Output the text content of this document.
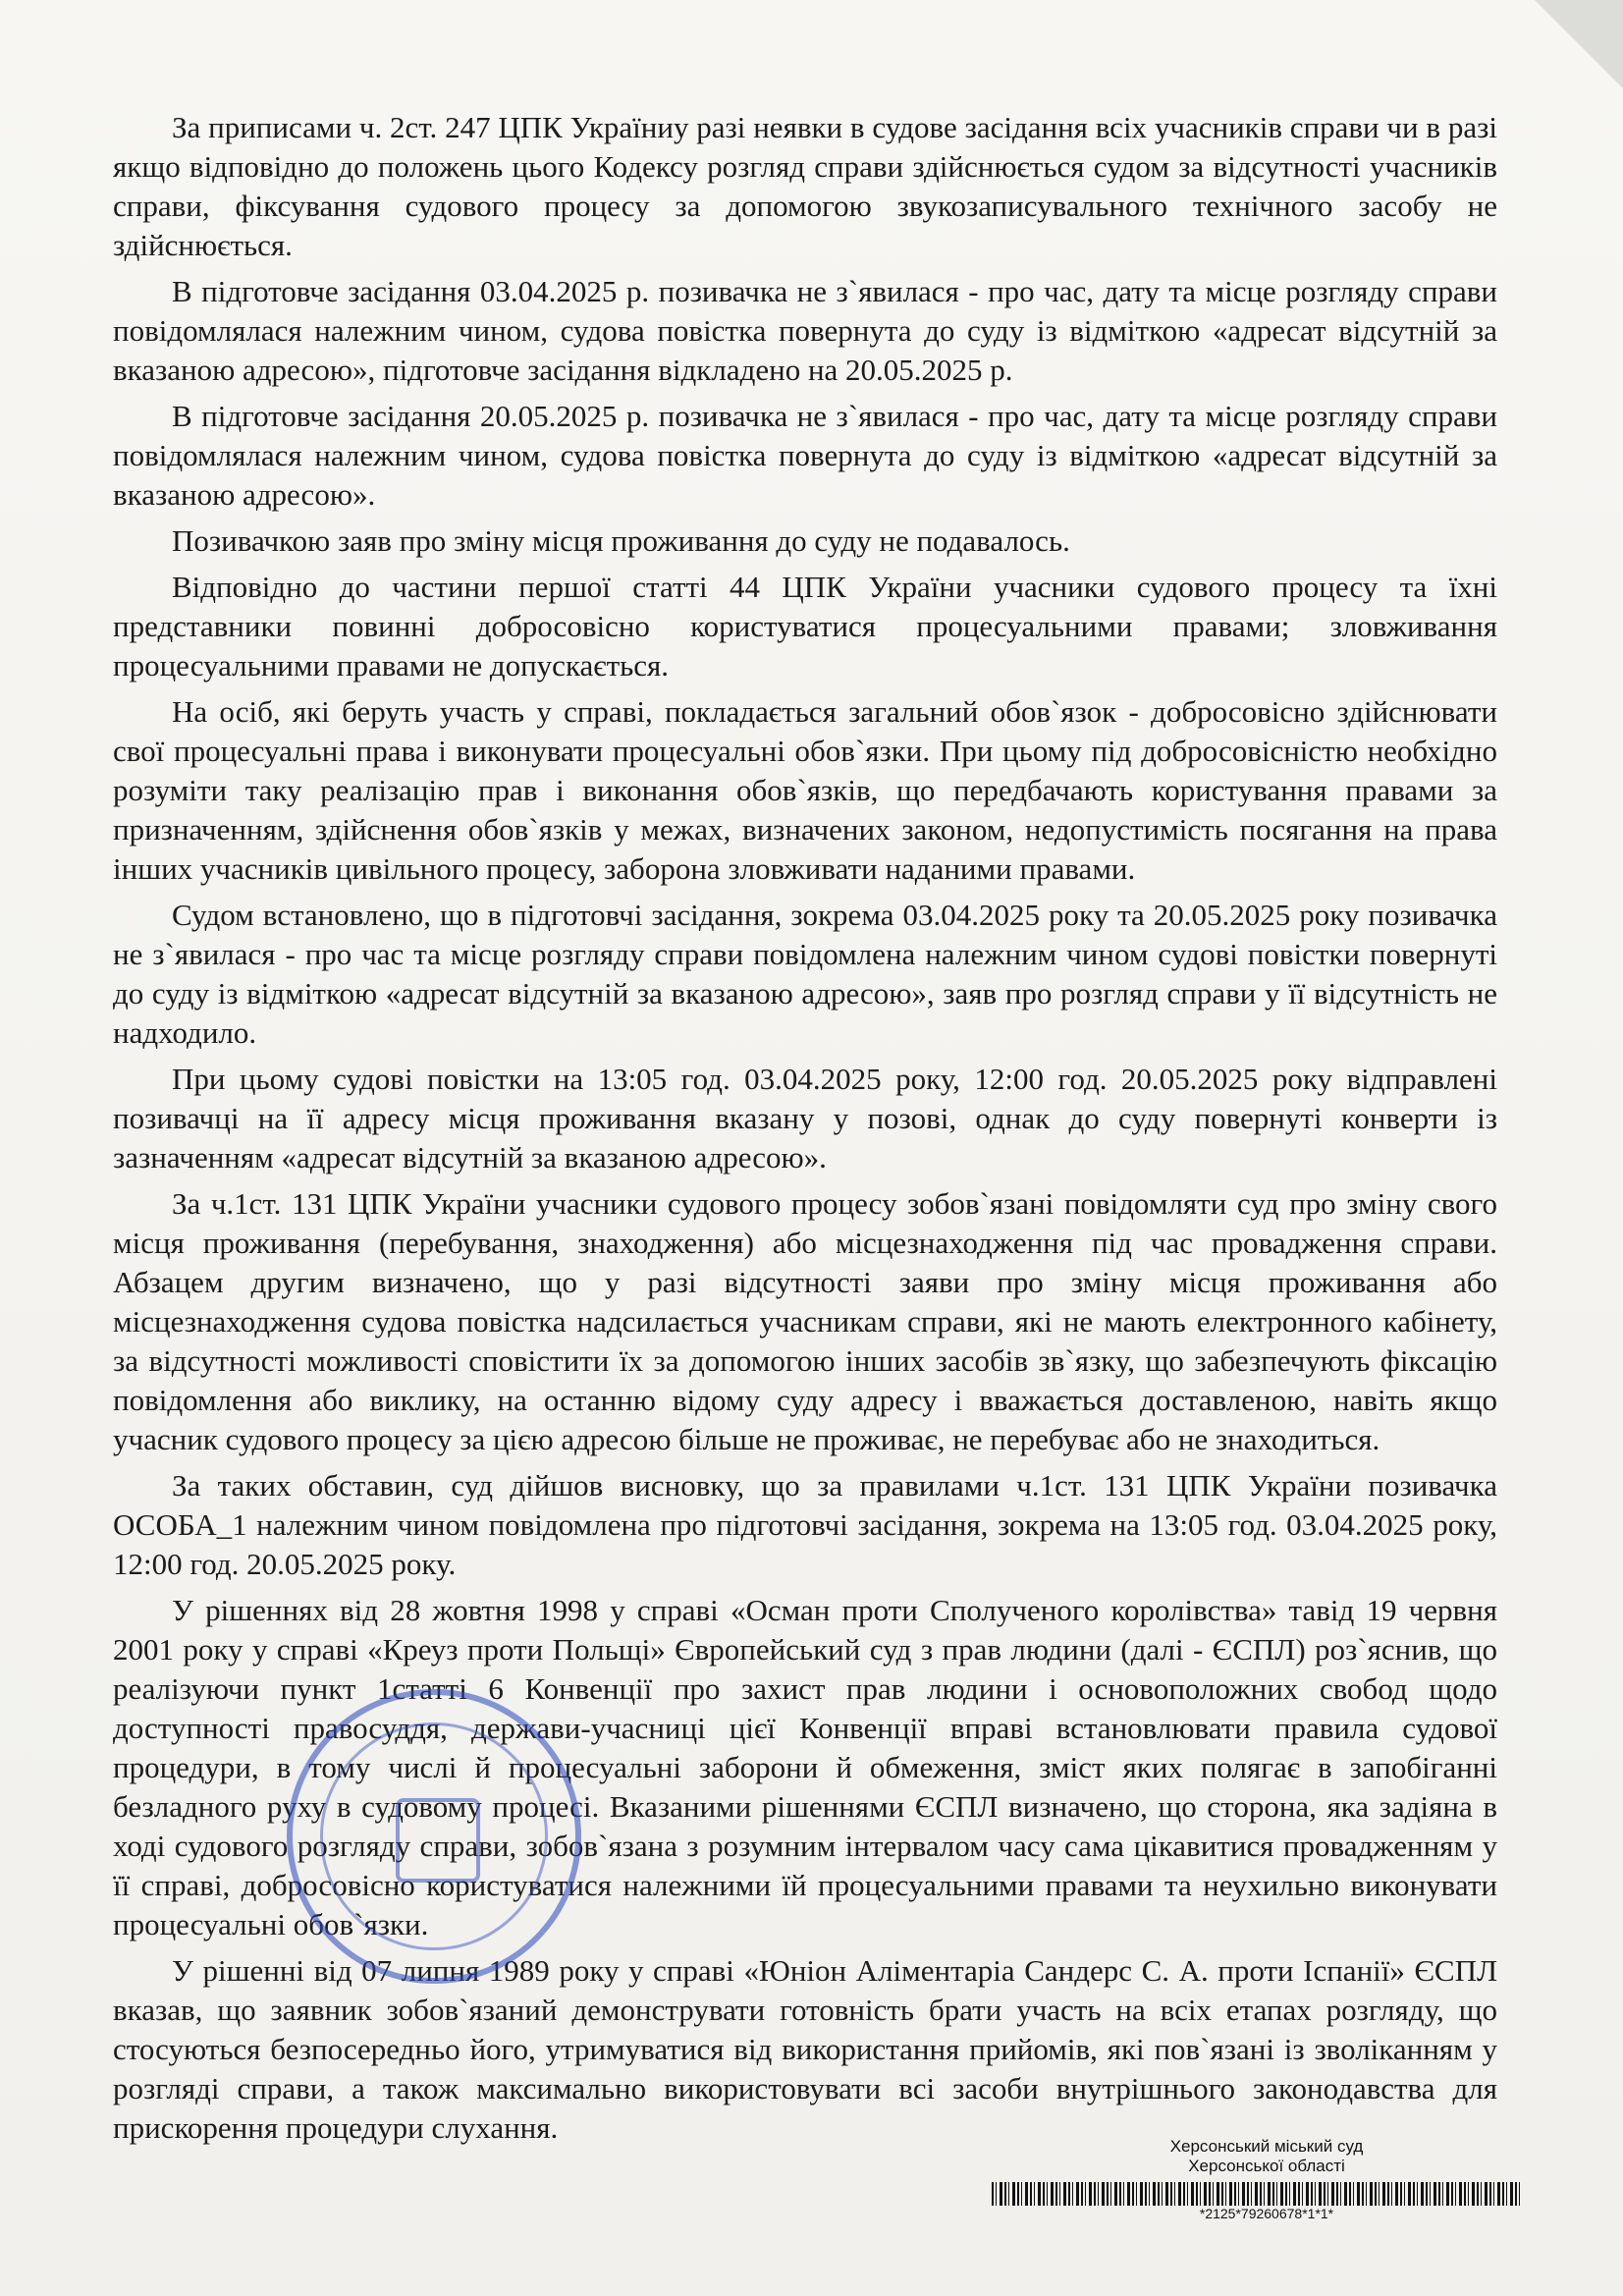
За приписами ч. 2ст. 247 ЦПК Україниу разі неявки в судове засідання всіх учасників справи чи в разі якщо відповідно до положень цього Кодексу розгляд справи здійснюється судом за відсутності учасників справи, фіксування судового процесу за допомогою звукозаписувального технічного засобу не здійснюється.

В підготовче засідання 03.04.2025 р. позивачка не з`явилася - про час, дату та місце розгляду справи повідомлялася належним чином, судова повістка повернута до суду із відміткою «адресат відсутній за вказаною адресою», підготовче засідання відкладено на 20.05.2025 р.

В підготовче засідання 20.05.2025 р. позивачка не з`явилася - про час, дату та місце розгляду справи повідомлялася належним чином, судова повістка повернута до суду із відміткою «адресат відсутній за вказаною адресою».

Позивачкою заяв про зміну місця проживання до суду не подавалось.

Відповідно до частини першої статті 44 ЦПК України учасники судового процесу та їхні представники повинні добросовісно користуватися процесуальними правами; зловживання процесуальними правами не допускається.

На осіб, які беруть участь у справі, покладається загальний обов`язок - добросовісно здійснювати свої процесуальні права і виконувати процесуальні обов`язки. При цьому під добросовісністю необхідно розуміти таку реалізацію прав і виконання обов`язків, що передбачають користування правами за призначенням, здійснення обов`язків у межах, визначених законом, недопустимість посягання на права інших учасників цивільного процесу, заборона зловживати наданими правами.

Судом встановлено, що в підготовчі засідання, зокрема 03.04.2025 року та 20.05.2025 року позивачка не з`явилася - про час та місце розгляду справи повідомлена належним чином судові повістки повернуті до суду із відміткою «адресат відсутній за вказаною адресою», заяв про розгляд справи у її відсутність не надходило.

При цьому судові повістки на 13:05 год. 03.04.2025 року, 12:00 год. 20.05.2025 року відправлені позивачці на її адресу місця проживання вказану у позові, однак до суду повернуті конверти із зазначенням «адресат відсутній за вказаною адресою».

За ч.1ст. 131 ЦПК України учасники судового процесу зобов`язані повідомляти суд про зміну свого місця проживання (перебування, знаходження) або місцезнаходження під час провадження справи. Абзацем другим визначено, що у разі відсутності заяви про зміну місця проживання або місцезнаходження судова повістка надсилається учасникам справи, які не мають електронного кабінету, за відсутності можливості сповістити їх за допомогою інших засобів зв`язку, що забезпечують фіксацію повідомлення або виклику, на останню відому суду адресу і вважається доставленою, навіть якщо учасник судового процесу за цією адресою більше не проживає, не перебуває або не знаходиться.

За таких обставин, суд дійшов висновку, що за правилами ч.1ст. 131 ЦПК України позивачка ОСОБА_1 належним чином повідомлена про підготовчі засідання, зокрема на 13:05 год. 03.04.2025 року, 12:00 год. 20.05.2025 року.

У рішеннях від 28 жовтня 1998 у справі «Осман проти Сполученого королівства» тавід 19 червня 2001 року у справі «Креуз проти Польщі» Європейський суд з прав людини (далі - ЄСПЛ) роз`яснив, що реалізуючи пункт 1статті 6 Конвенції про захист прав людини і основоположних свобод щодо доступності правосуддя, держави-учасниці цієї Конвенції вправі встановлювати правила судової процедури, в тому числі й процесуальні заборони й обмеження, зміст яких полягає в запобіганні безладного руху в судовому процесі. Вказаними рішеннями ЄСПЛ визначено, що сторона, яка задіяна в ході судового розгляду справи, зобов`язана з розумним інтервалом часу сама цікавитися провадженням у її справі, добросовісно користуватися належними їй процесуальними правами та неухильно виконувати процесуальні обов`язки.

У рішенні від 07 липня 1989 року у справі «Юніон Аліментаріа Сандерс С. А. проти Іспанії» ЄСПЛ вказав, що заявник зобов`язаний демонструвати готовність брати участь на всіх етапах розгляду, що стосуються безпосередньо його, утримуватися від використання прийомів, які пов`язані із зволіканням у розгляді справи, а також максимально використовувати всі засоби внутрішнього законодавства для прискорення процедури слухання.

Херсонський міський суд
Херсонської області
*2125*79260678*1*1*
